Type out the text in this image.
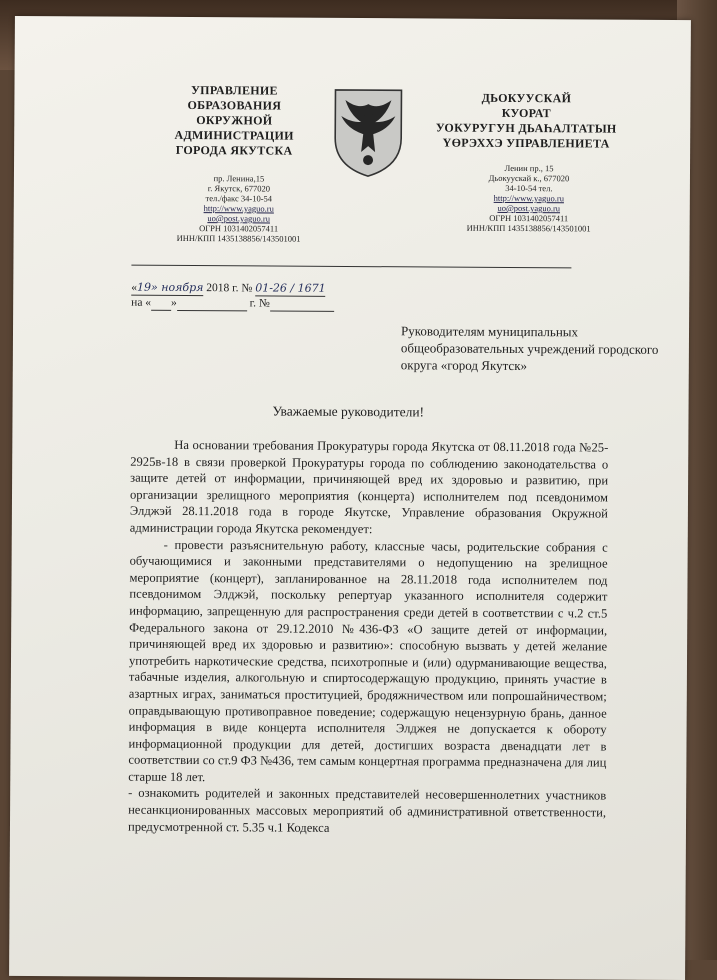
УПРАВЛЕНИЕ
ОБРАЗОВАНИЯ
ОКРУЖНОЙ
АДМИНИСТРАЦИИ
ГОРОДА ЯКУТСКА
пр. Ленина,15
г. Якутск, 677020
тел./факс 34-10-54
http://www.yaguo.ru
uo@post.yaguo.ru
ОГРН 1031402057411
ИНН/КПП 1435138856/143501001
ДЬОКУУСКАЙ
КУОРАТ
УОКУРУГУН ДЬАҺАЛТАТЫН
ҮӨРЭХХЭ УПРАВЛЕНИЕТА
Ленин пр., 15
Дьокуускай к., 677020
34-10-54 тел.
http://www.yaguo.ru
uo@post.yaguo.ru
ОГРН 1031402057411
ИНН/КПП 1435138856/143501001
«19» ноября 2018 г. № 01-26 / 1671
на « »	г. №
Руководителям муниципальных общеобразовательных учреждений городского округа «город Якутск»
Уважаемые руководители!

На основании требования Прокуратуры города Якутска от 08.11.2018 года №25-2925в-18 в связи проверкой Прокуратуры города по соблюдению законодательства о защите детей от информации, причиняющей вред их здоровью и развитию, при организации зрелищного мероприятия (концерта) исполнителем под псевдонимом Элджэй 28.11.2018 года в городе Якутске, Управление образования Окружной администрации города Якутска рекомендует:

- провести разъяснительную работу, классные часы, родительские собрания с обучающимися и законными представителями о недопущению на зрелищное мероприятие (концерт), запланированное на 28.11.2018 года исполнителем под псевдонимом Элджэй, поскольку репертуар указанного исполнителя содержит информацию, запрещенную для распространения среди детей в соответствии с ч.2 ст.5 Федерального закона от 29.12.2010 №436-ФЗ «О защите детей от информации, причиняющей вред их здоровью и развитию»: способную вызвать у детей желание употребить наркотические средства, психотропные и (или) одурманивающие вещества, табачные изделия, алкогольную и спиртосодержащую продукцию, принять участие в азартных играх, заниматься проституцией, бродяжничеством или попрошайничеством; оправдывающую противоправное поведение; содержащую нецензурную брань, данное информация в виде концерта исполнителя Элджея не допускается к обороту информационной продукции для детей, достигших возраста двенадцати лет в соответствии со ст.9 ФЗ №436, тем самым концертная программа предназначена для лиц старше 18 лет.

- ознакомить родителей и законных представителей несовершеннолетних участников несанкционированных массовых мероприятий об административной ответственности, предусмотренной ст. 5.35 ч.1 Кодекса
